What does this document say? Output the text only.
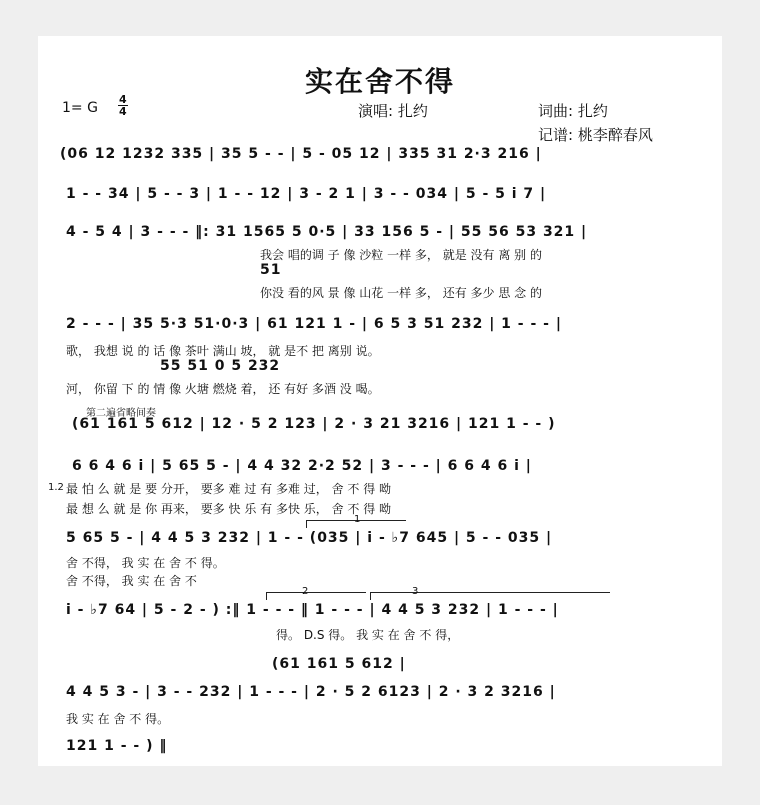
实在舍不得
1= G $\frac{4}{4}$	演唱: 扎约	词曲: 扎约
记谱: 桃李醉春风
(06 12 1232 335 | 35 5 - - | 5 - 05 12 | 335 31 2·3 216 |
1 - - 34 | 5 - - 3 | 1 - - 12 | 3 - 2 1 | 3 - - 034 | 5 - 5 i 7 |
4 - 5 4 | 3 - - - ‖: 31 1565 5 0·5 | 33 156 5 - | 55 56 53 321 |
我会 唱的调 子 像 沙粒 一样 多， 就是 没有 离 别 的
51
你没 看的风 景 像 山花 一样 多， 还有 多少 思 念 的
2 - - - | 35 5·3 51·0·3 | 61 121 1 - | 6 5 3 51 232 | 1 - - - |
歌， 我想 说 的 话 像 茶叶 满山 坡， 就 是不 把 离别 说。
55 51 0 5 232
河， 你留 下 的 情 像 火塘 燃烧 着， 还 有好 多酒 没 喝。
第二遍省略间奏
(61 161 5 612 | 12 · 5 2 123 | 2 · 3 21 3216 | 121 1 - - )
6 6 4 6 i | 5 65 5 - | 4 4 32 2·2 52 | 3 - - - | 6 6 4 6 i |
1.2 最 怕 么 就 是 要 分开， 要多 难 过 有 多难 过， 舍 不 得 呦
最 想 么 就 是 你 再来， 要多 快 乐 有 多快 乐， 舍 不 得 呦
1
5 65 5 - | 4 4 5 3 232 | 1 - - (035 | i - ♭7 645 | 5 - - 035 |
舍 不得， 我 实 在 舍 不 得。
舍 不得， 我 实 在 舍 不
2	3
i - ♭7 64 | 5 - 2 - ) :‖ 1 - - - ‖ 1 - - - | 4 4 5 3 232 | 1 - - - |
得。 D.S 得。 我 实 在 舍 不 得，
(61 161 5 612 |
4 4 5 3 - | 3 - - 232 | 1 - - - | 2 · 5 2 6123 | 2 · 3 2 3216 |
我 实 在 舍 不 得。
121 1 - - ) ‖
